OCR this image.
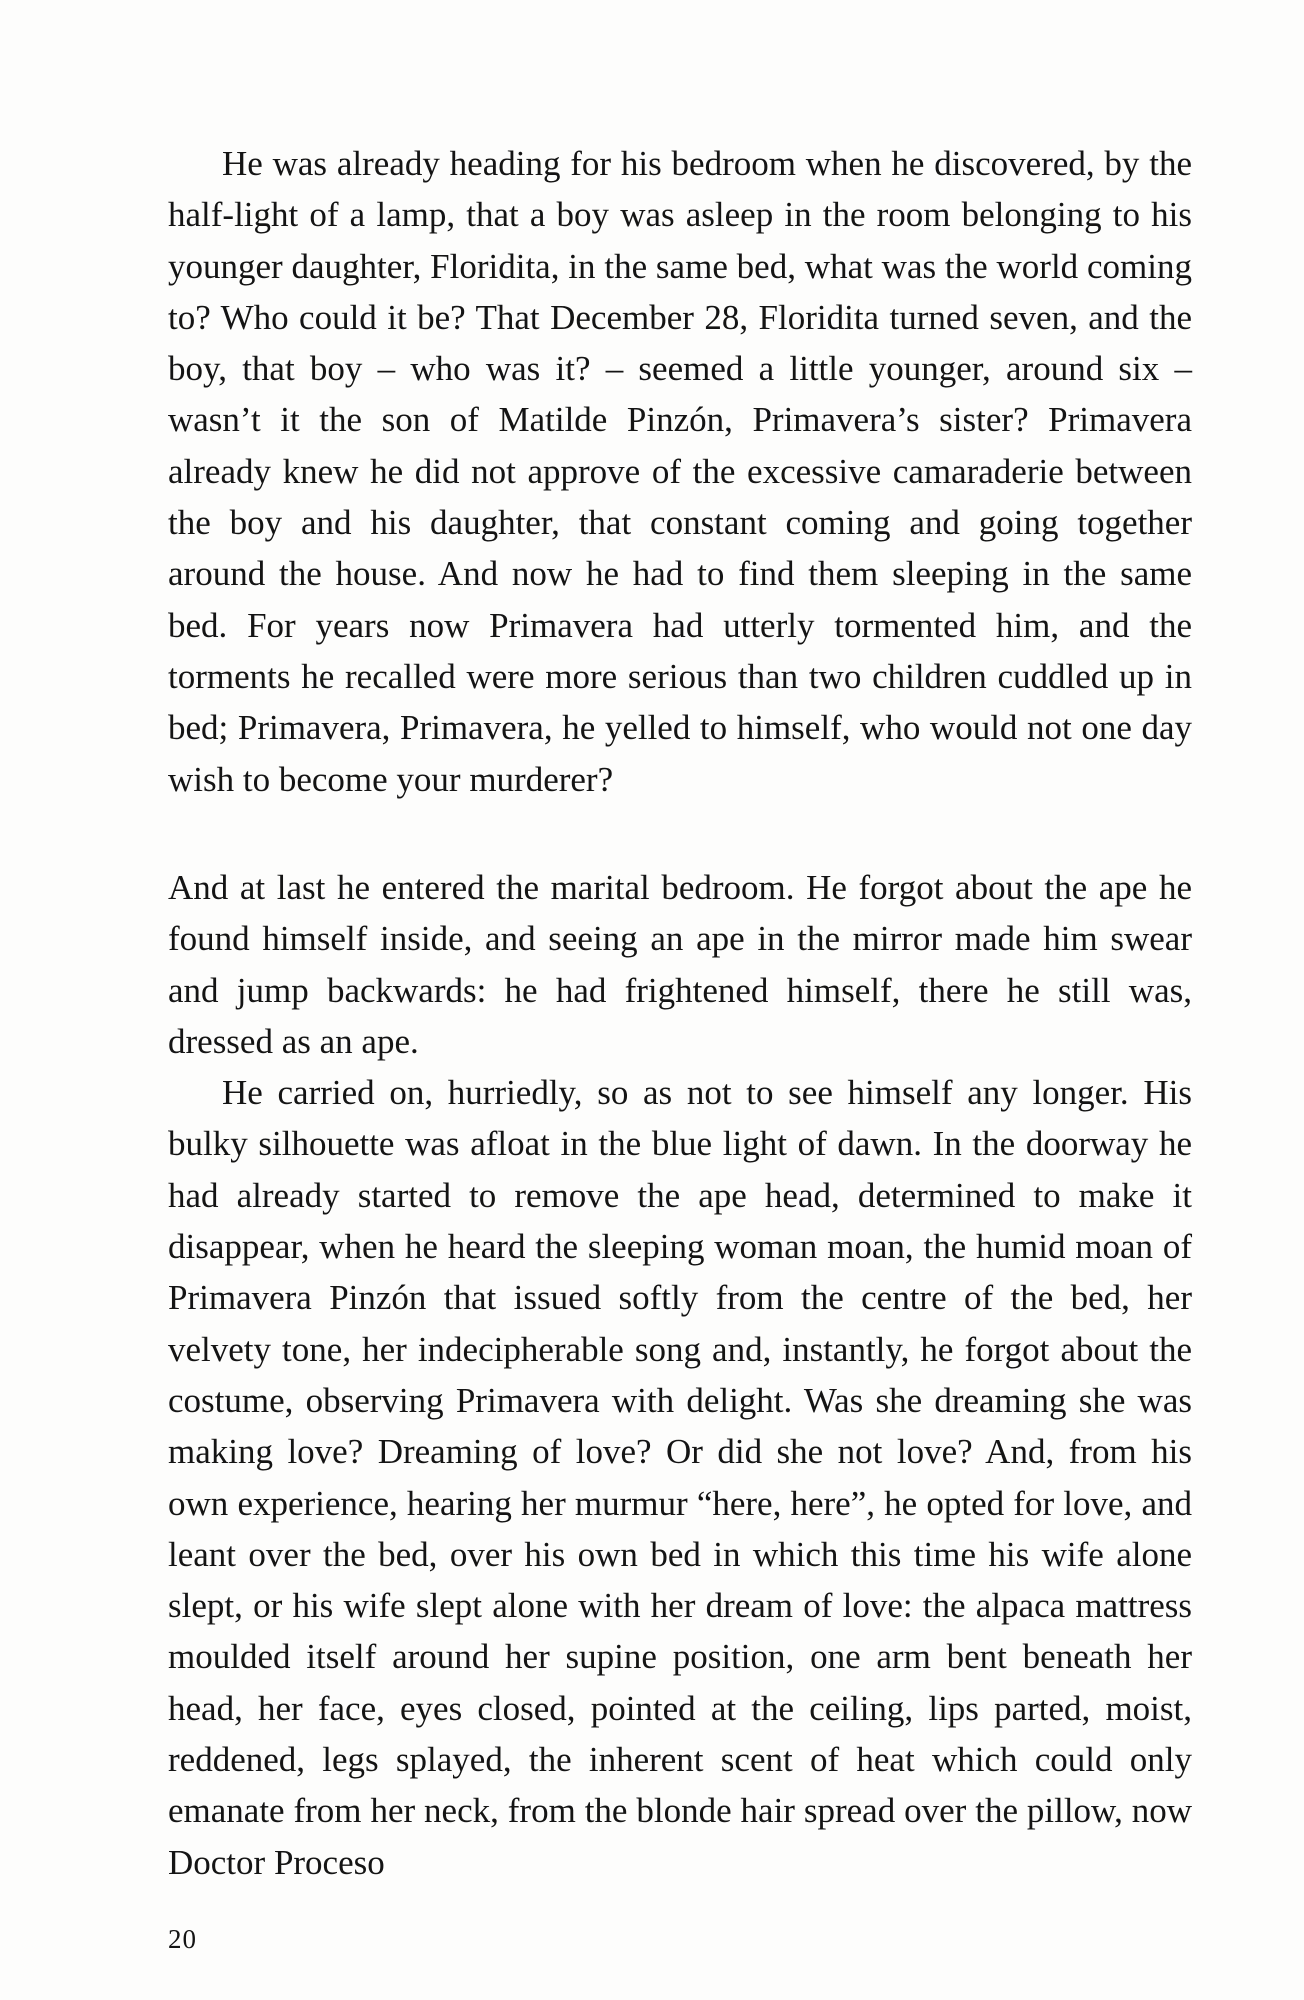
He was already heading for his bedroom when he discovered, by the half-light of a lamp, that a boy was asleep in the room belonging to his younger daughter, Floridita, in the same bed, what was the world coming to? Who could it be? That December 28, Floridita turned seven, and the boy, that boy – who was it? – seemed a little younger, around six –wasn’t it the son of Matilde Pinzón, Primavera’s sister? Primavera already knew he did not approve of the excessive camaraderie between the boy and his daughter, that constant coming and going together around the house. And now he had to find them sleeping in the same bed. For years now Primavera had utterly tormented him, and the torments he recalled were more serious than two children cuddled up in bed; Primavera, Primavera, he yelled to himself, who would not one day wish to become your murderer?

And at last he entered the marital bedroom. He forgot about the ape he found himself inside, and seeing an ape in the mirror made him swear and jump backwards: he had frightened himself, there he still was, dressed as an ape.

He carried on, hurriedly, so as not to see himself any longer. His bulky silhouette was afloat in the blue light of dawn. In the doorway he had already started to remove the ape head, determined to make it disappear, when he heard the sleeping woman moan, the humid moan of Primavera Pinzón that issued softly from the centre of the bed, her velvety tone, her indecipherable song and, instantly, he forgot about the costume, observing Primavera with delight. Was she dreaming she was making love? Dreaming of love? Or did she not love? And, from his own experience, hearing her murmur “here, here”, he opted for love, and leant over the bed, over his own bed in which this time his wife alone slept, or his wife slept alone with her dream of love: the alpaca mattress moulded itself around her supine position, one arm bent beneath her head, her face, eyes closed, pointed at the ceiling, lips parted, moist, reddened, legs splayed, the inherent scent of heat which could only emanate from her neck, from the blonde hair spread over the pillow, now Doctor Proceso

20
